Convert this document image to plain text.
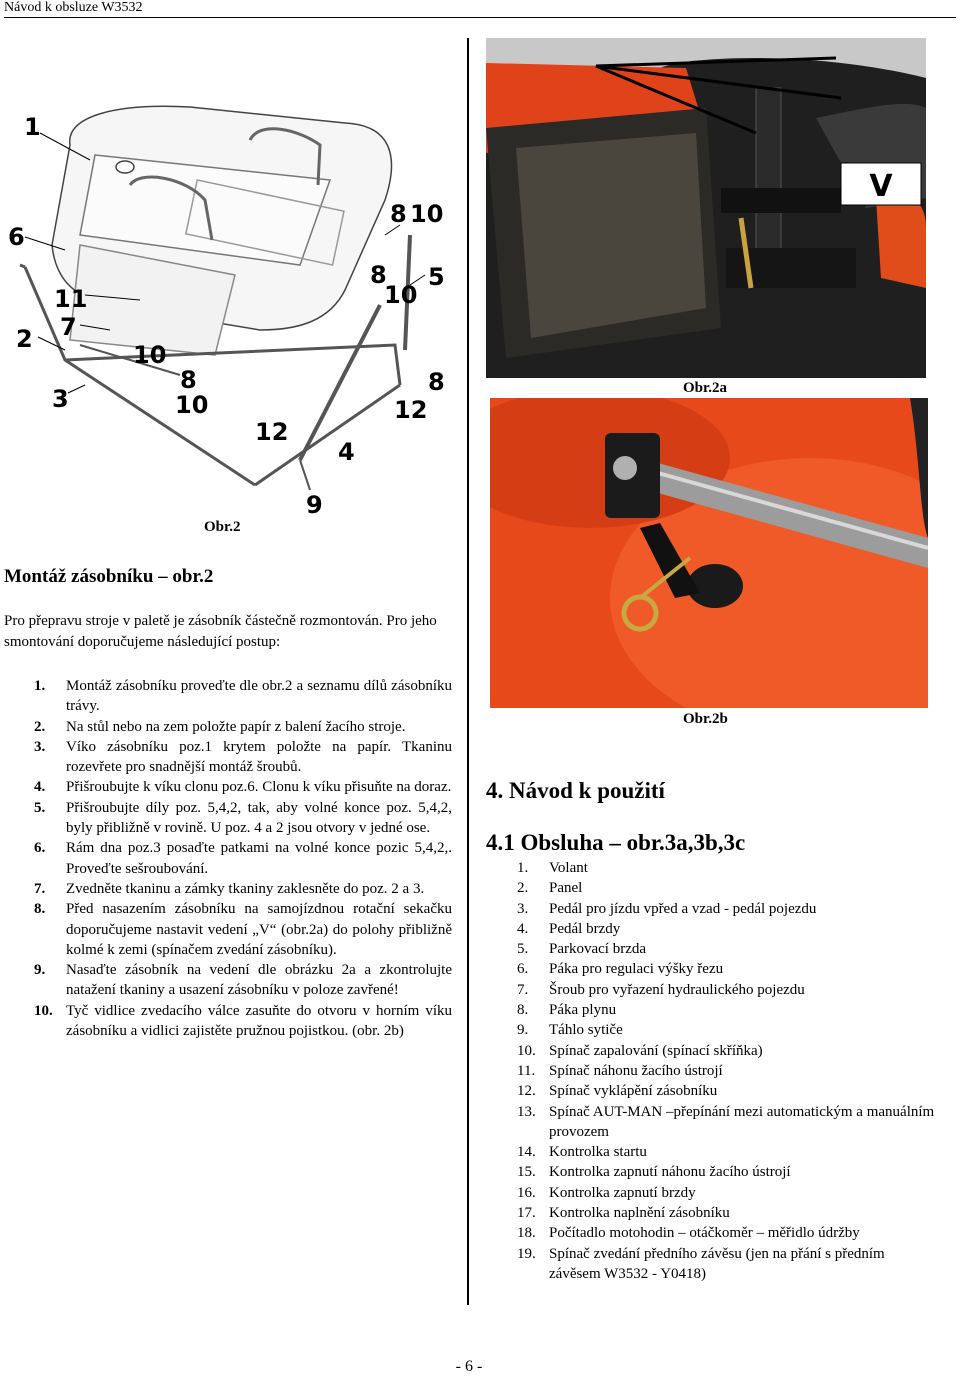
Návod k obsluze W3532
1
6
11
7
2
3
10
8
10
12
9
4
8
10
8 10
5
8
12
Obr.2
V
Obr.2a
Obr.2b
Montáž zásobníku – obr.2
Pro přepravu stroje v paletě je zásobník částečně rozmontován. Pro jeho smontování doporučujeme následující postup:
1. Montáž zásobníku proveďte dle obr.2 a seznamu dílů zásobníku trávy.
2. Na stůl nebo na zem položte papír z balení žacího stroje.
3. Víko zásobníku poz.1 krytem položte na papír. Tkaninu rozevřete pro snadnější montáž šroubů.
4. Přišroubujte k víku clonu poz.6. Clonu k víku přisuňte na doraz.
5. Přišroubujte díly poz. 5,4,2, tak, aby volné konce poz. 5,4,2, byly přibližně v rovině. U poz. 4 a 2 jsou otvory v jedné ose.
6. Rám dna poz.3 posaďte patkami na volné konce pozic 5,4,2,. Proveďte sešroubování.
7. Zvedněte tkaninu a zámky tkaniny zaklesněte do poz. 2 a 3.
8. Před nasazením zásobníku na samojízdnou rotační sekačku doporučujeme nastavit vedení „V“ (obr.2a) do polohy přibližně kolmé k zemi (spínačem zvedání zásobníku).
9. Nasaďte zásobník na vedení dle obrázku 2a a zkontrolujte natažení tkaniny a usazení zásobníku v poloze zavřené!
10. Tyč vidlice zvedacího válce zasuňte do otvoru v horním víku zásobníku a vidlici zajistěte pružnou pojistkou. (obr. 2b)
4. Návod k použití
4.1 Obsluha – obr.3a,3b,3c
1. Volant
2. Panel
3. Pedál pro jízdu vpřed a vzad - pedál pojezdu
4. Pedál brzdy
5. Parkovací brzda
6. Páka pro regulaci výšky řezu
7. Šroub pro vyřazení hydraulického pojezdu
8. Páka plynu
9. Táhlo sytiče
10. Spínač zapalování (spínací skříňka)
11. Spínač náhonu žacího ústrojí
12. Spínač vyklápění zásobníku
13. Spínač AUT-MAN –přepínání mezi automatickým a manuálním provozem
14. Kontrolka startu
15. Kontrolka zapnutí náhonu žacího ústrojí
16. Kontrolka zapnutí brzdy
17. Kontrolka naplnění zásobníku
18. Počítadlo motohodin – otáčkoměr – měřidlo údržby
19. Spínač zvedání předního závěsu (jen na přání s předním závěsem W3532 - Y0418)
- 6 -
